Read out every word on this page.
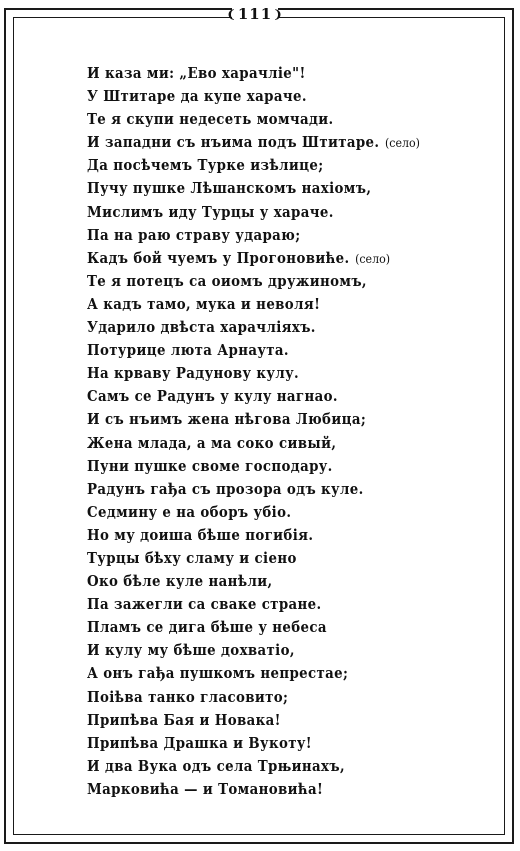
❨ 111 ❩
И каза ми: „Ево харачлiе"!
У Штитаре да купе хараче.
Те я скупи недесеть момчади.
И западни съ нъима подъ Штитаре. (село)
Да посѣчемъ Турке изѣлице;
Пучу пушке Лѣшанскомъ нахiомъ,
Мислимъ иду Турцы у хараче.
Па на раю страву удараю;
Кадъ бой чуемъ у Прогоновиће. (село)
Те я потецъ са оиомъ дружиномъ,
А кадъ тамо, мука и неволя!
Ударило двѣста харачлiяхъ.
Потурице люта Арнаута.
На крваву Радунову кулу.
Самъ се Радунъ у кулу нагнао.
И съ нъимъ жена нѣгова Любица;
Жена млада, а ма соко сивый,
Пуни пушке своме господару.
Радунъ гађа съ прозора одъ куле.
Седмину е на оборъ убiо.
Но му доиша бѣше погибiя.
Турцы бѣху сламу и сiено
Око бѣле куле нанѣли,
Па зажегли са сваке стране.
Пламъ се дига бѣше у небеса
И кулу му бѣше дохватiо,
А онъ гађа пушкомъ непрестае;
Поiѣва танко гласовито;
Припѣва Бая и Новака!
Припѣва Драшка и Вукоту!
И два Вука одъ села Трњинахъ,
Марковића — и Томановића!
